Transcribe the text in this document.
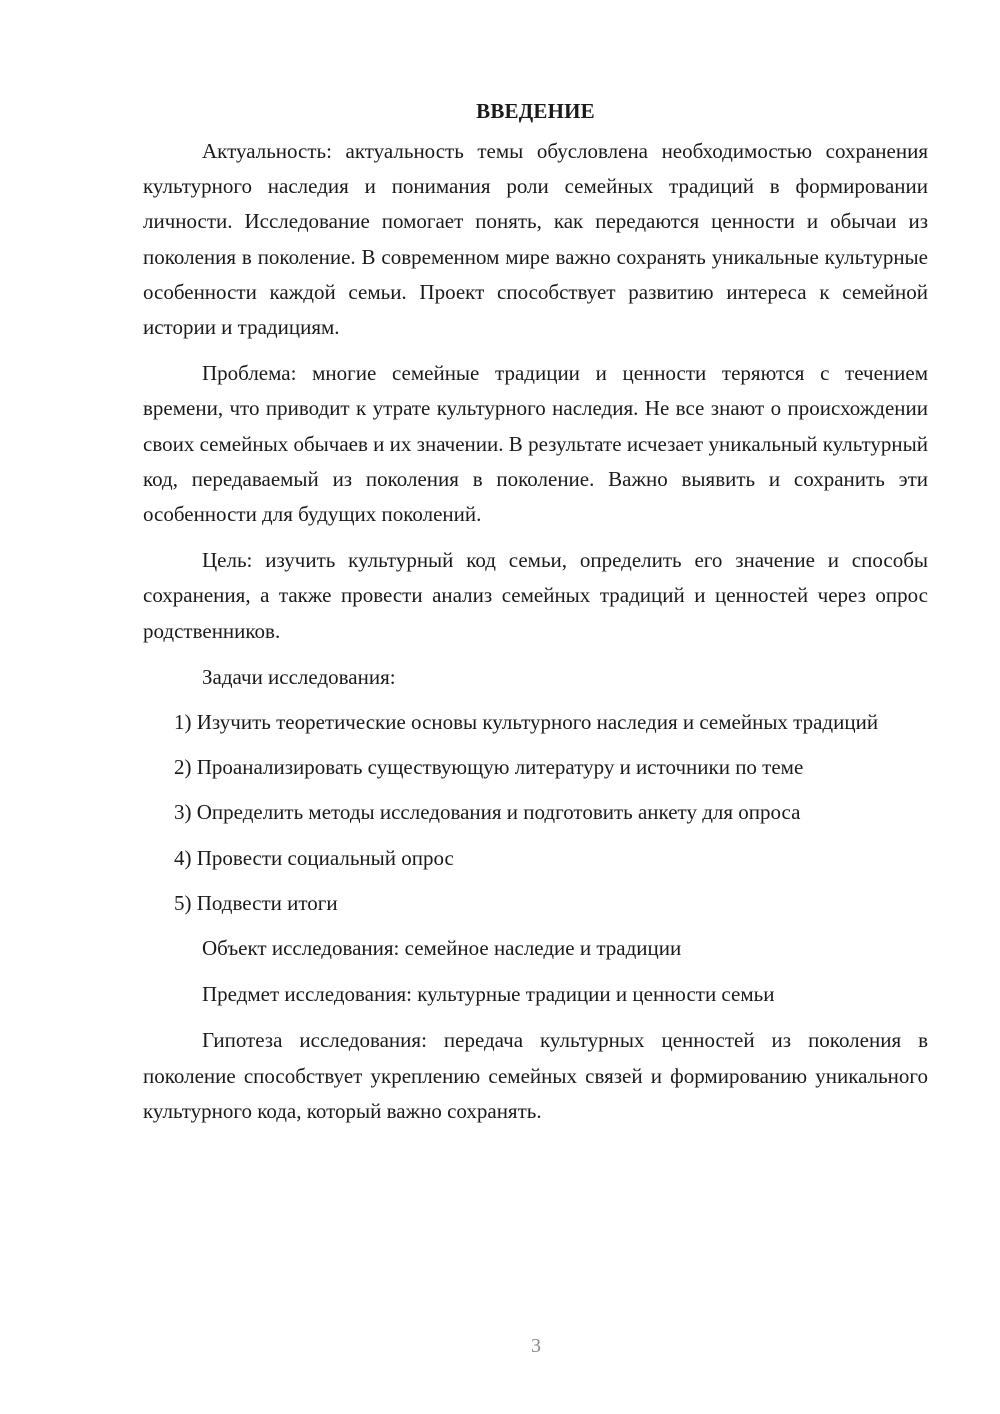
ВВЕДЕНИЕ

Актуальность: актуальность темы обусловлена необходимостью сохранения культурного наследия и понимания роли семейных традиций в формировании личности. Исследование помогает понять, как передаются ценности и обычаи из поколения в поколение. В современном мире важно сохранять уникальные культурные особенности каждой семьи. Проект способствует развитию интереса к семейной истории и традициям.

Проблема: многие семейные традиции и ценности теряются с течением времени, что приводит к утрате культурного наследия. Не все знают о происхождении своих семейных обычаев и их значении. В результате исчезает уникальный культурный код, передаваемый из поколения в поколение. Важно выявить и сохранить эти особенности для будущих поколений.

Цель: изучить культурный код семьи, определить его значение и способы сохранения, а также провести анализ семейных традиций и ценностей через опрос родственников.

Задачи исследования:

1) Изучить теоретические основы культурного наследия и семейных традиций

2) Проанализировать существующую литературу и источники по теме

3) Определить методы исследования и подготовить анкету для опроса

4) Провести социальный опрос

5) Подвести итоги

Объект исследования: семейное наследие и традиции

Предмет исследования: культурные традиции и ценности семьи

Гипотеза исследования: передача культурных ценностей из поколения в поколение способствует укреплению семейных связей и формированию уникального культурного кода, который важно сохранять.

3
